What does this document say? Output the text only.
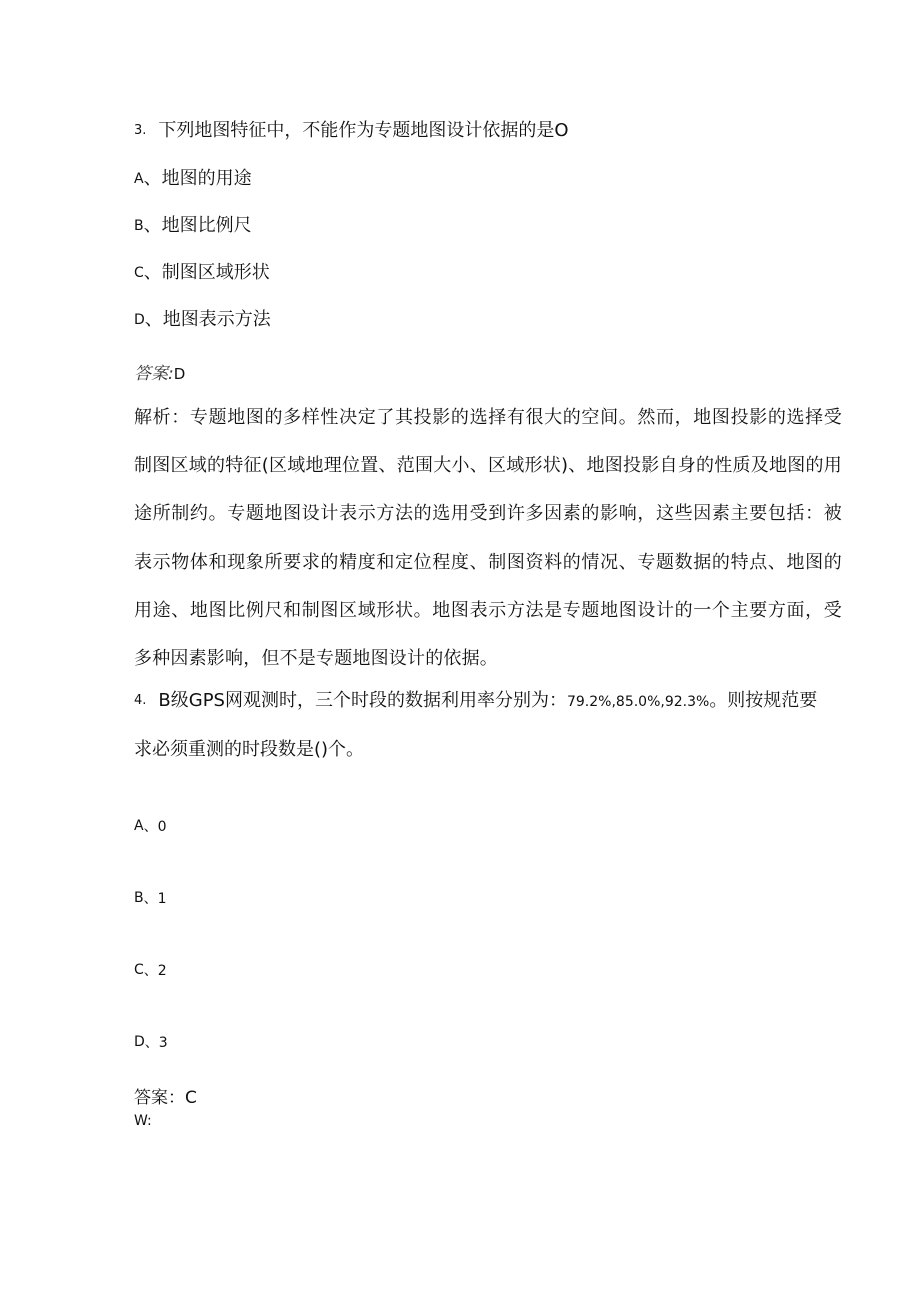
3. 下列地图特征中，不能作为专题地图设计依据的是O
A、地图的用途
B、地图比例尺
C、制图区域形状
D、地图表示方法
答案:D
解析：专题地图的多样性决定了其投影的选择有很大的空间。然而，地图投影的选择受制图区域的特征(区域地理位置、范围大小、区域形状)、地图投影自身的性质及地图的用途所制约。专题地图设计表示方法的选用受到许多因素的影响，这些因素主要包括：被表示物体和现象所要求的精度和定位程度、制图资料的情况、专题数据的特点、地图的用途、地图比例尺和制图区域形状。地图表示方法是专题地图设计的一个主要方面，受多种因素影响，但不是专题地图设计的依据。
4. B级GPS网观测时，三个时段的数据利用率分别为：79.2%,85.0%,92.3%。则按规范要求必须重测的时段数是()个。
A、0
B、1
C、2
D、3
答案：C
W:
